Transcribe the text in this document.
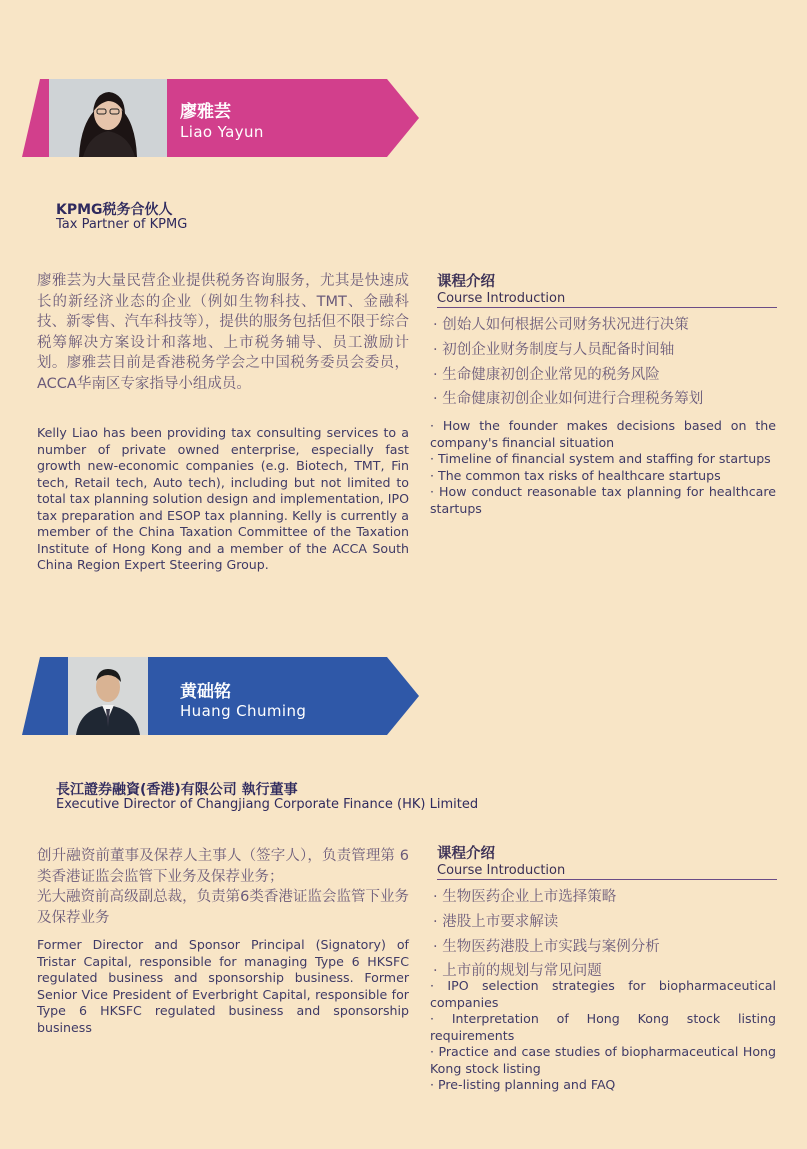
廖雅芸
Liao Yayun
KPMG税务合伙人
Tax Partner of KPMG

廖雅芸为大量民营企业提供税务咨询服务，尤其是快速成长的新经济业态的企业（例如生物科技、TMT、金融科技、新零售、汽车科技等），提供的服务包括但不限于综合税筹解决方案设计和落地、上市税务辅导、员工激励计划。廖雅芸目前是香港税务学会之中国税务委员会委员，ACCA华南区专家指导小组成员。

Kelly Liao has been providing tax consulting services to a number of private owned enterprise, especially fast growth new-economic companies (e.g. Biotech, TMT, Fin tech, Retail tech, Auto tech), including but not limited to total tax planning solution design and implementation, IPO tax preparation and ESOP tax planning. Kelly is currently a member of the China Taxation Committee of the Taxation Institute of Hong Kong and a member of the ACCA South China Region Expert Steering Group.

课程介绍
Course Introduction
· 创始人如何根据公司财务状况进行决策
· 初创企业财务制度与人员配备时间轴
· 生命健康初创企业常见的税务风险
· 生命健康初创企业如何进行合理税务筹划
· How the founder makes decisions based on the company's financial situation
· Timeline of financial system and staffing for startups
· The common tax risks of healthcare startups
· How conduct reasonable tax planning for healthcare startups
黄础铭
Huang Chuming
長江證券融資(香港)有限公司 執行董事
Executive Director of Changjiang Corporate Finance (HK) Limited

创升融资前董事及保荐人主事人（签字人），负责管理第 6 类香港证监会监管下业务及保荐业务；

光大融资前高级副总裁，负责第6类香港证监会监管下业务及保荐业务

Former Director and Sponsor Principal (Signatory) of Tristar Capital, responsible for managing Type 6 HKSFC regulated business and sponsorship business. Former Senior Vice President of Everbright Capital, responsible for Type 6 HKSFC regulated business and sponsorship business

课程介绍
Course Introduction
· 生物医药企业上市选择策略
· 港股上市要求解读
· 生物医药港股上市实践与案例分析
· 上市前的规划与常见问题
· IPO selection strategies for biopharmaceutical companies
· Interpretation of Hong Kong stock listing requirements
· Practice and case studies of biopharmaceutical Hong Kong stock listing
· Pre-listing planning and FAQ
